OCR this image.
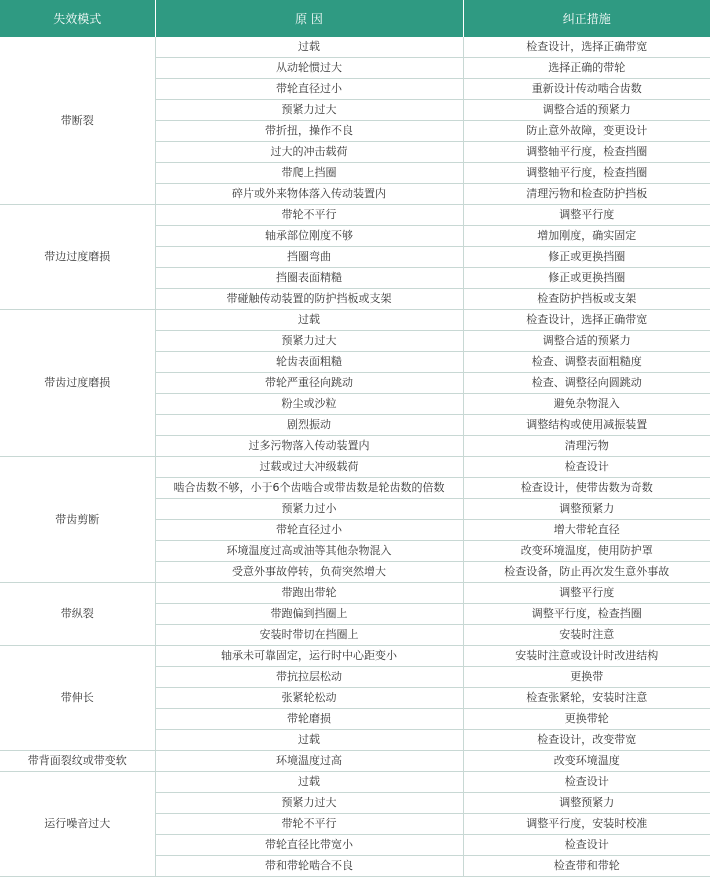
失效模式	原 因	纠正措施
带断裂	过载	检查设计，选择正确带宽
	从动轮惯过大	选择正确的带轮
	带轮直径过小	重新设计传动啮合齿数
	预紧力过大	调整合适的预紧力
	带折扭，操作不良	防止意外故障，变更设计
	过大的冲击载荷	调整轴平行度，检查挡圈
	带爬上挡圈	调整轴平行度，检查挡圈
	碎片或外来物体落入传动装置内	清理污物和检查防护挡板
带边过度磨损	带轮不平行	调整平行度
	轴承部位刚度不够	增加刚度，确实固定
	挡圈弯曲	修正或更换挡圈
	挡圈表面精糙	修正或更换挡圈
	带碰触传动装置的防护挡板或支架	检查防护挡板或支架
带齿过度磨损	过载	检查设计，选择正确带宽
	预紧力过大	调整合适的预紧力
	轮齿表面粗糙	检查、调整表面粗糙度
	带轮严重径向跳动	检查、调整径向圆跳动
	粉尘或沙粒	避免杂物混入
	剧烈振动	调整结构或使用减振装置
	过多污物落入传动装置内	清理污物
带齿剪断	过载或过大冲级载荷	检查设计
	啮合齿数不够，小于6个齿啮合或带齿数是轮齿数的倍数	检查设计，使带齿数为奇数
	预紧力过小	调整预紧力
	带轮直径过小	增大带轮直径
	环境温度过高或油等其他杂物混入	改变环境温度，使用防护罩
	受意外事故停转，负荷突然增大	检查设备，防止再次发生意外事故
带纵裂	带跑出带轮	调整平行度
	带跑偏到挡圈上	调整平行度，检查挡圈
	安装时带切在挡圈上	安装时注意
带伸长	轴承未可靠固定，运行时中心距变小	安装时注意或设计时改进结构
	带抗拉层松动	更换带
	张紧轮松动	检查张紧轮，安装时注意
	带轮磨损	更换带轮
	过载	检查设计，改变带宽
带背面裂纹或带变软	环境温度过高	改变环境温度
运行噪音过大	过载	检查设计
	预紧力过大	调整预紧力
	带轮不平行	调整平行度，安装时校准
	带轮直径比带宽小	检查设计
	带和带轮啮合不良	检查带和带轮
